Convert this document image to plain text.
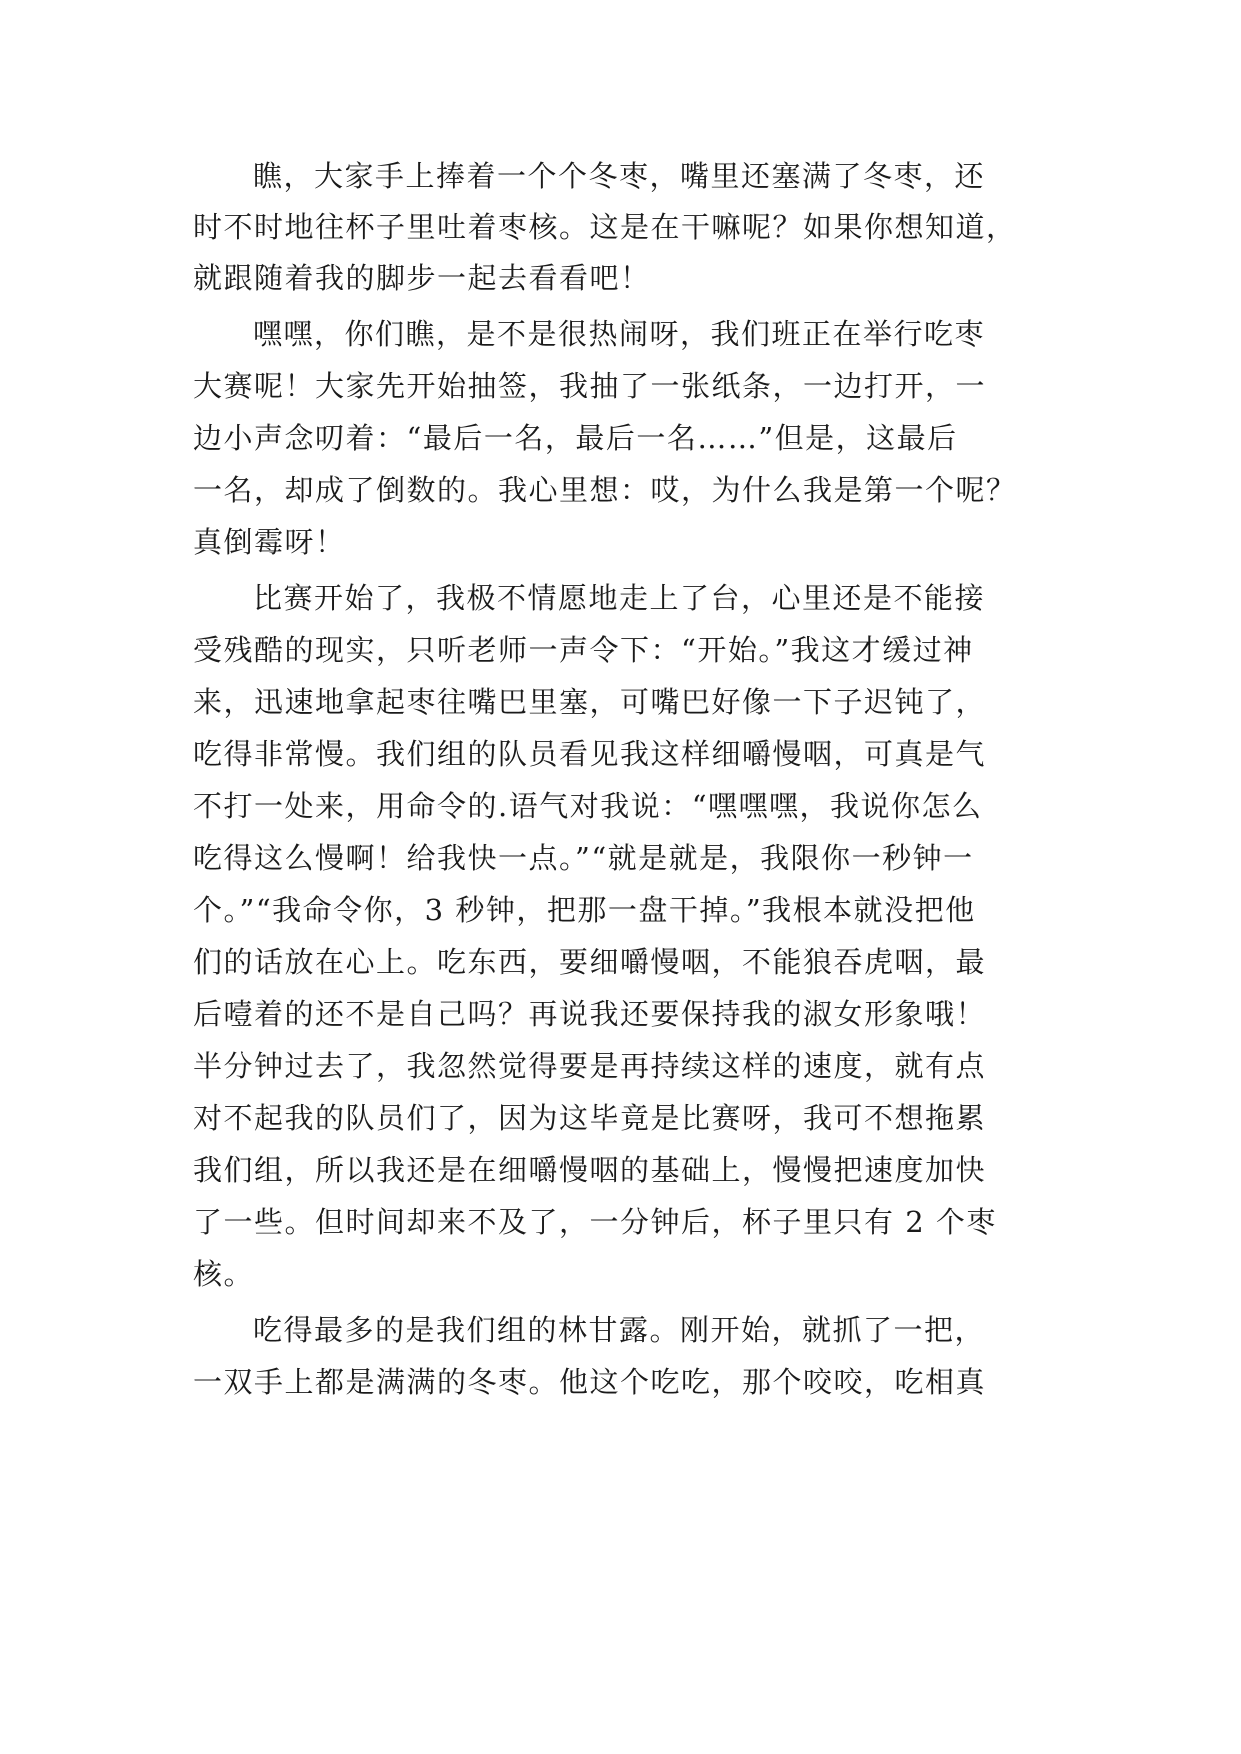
瞧，大家手上捧着一个个冬枣，嘴里还塞满了冬枣，还
时不时地往杯子里吐着枣核。这是在干嘛呢？如果你想知道，
就跟随着我的脚步一起去看看吧！
嘿嘿，你们瞧，是不是很热闹呀，我们班正在举行吃枣
大赛呢！大家先开始抽签，我抽了一张纸条，一边打开，一
边小声念叨着：“最后一名，最后一名……”但是，这最后
一名，却成了倒数的。我心里想：哎，为什么我是第一个呢？
真倒霉呀！
比赛开始了，我极不情愿地走上了台，心里还是不能接
受残酷的现实，只听老师一声令下：“开始。”我这才缓过神
来，迅速地拿起枣往嘴巴里塞，可嘴巴好像一下子迟钝了，
吃得非常慢。我们组的队员看见我这样细嚼慢咽，可真是气
不打一处来，用命令的.语气对我说：“嘿嘿嘿，我说你怎么
吃得这么慢啊！给我快一点。”“就是就是，我限你一秒钟一
个。”“我命令你，3 秒钟，把那一盘干掉。”我根本就没把他
们的话放在心上。吃东西，要细嚼慢咽，不能狼吞虎咽，最
后噎着的还不是自己吗？再说我还要保持我的淑女形象哦！
半分钟过去了，我忽然觉得要是再持续这样的速度，就有点
对不起我的队员们了，因为这毕竟是比赛呀，我可不想拖累
我们组，所以我还是在细嚼慢咽的基础上，慢慢把速度加快
了一些。但时间却来不及了，一分钟后，杯子里只有 2 个枣
核。
吃得最多的是我们组的林甘露。刚开始，就抓了一把，
一双手上都是满满的冬枣。他这个吃吃，那个咬咬，吃相真
